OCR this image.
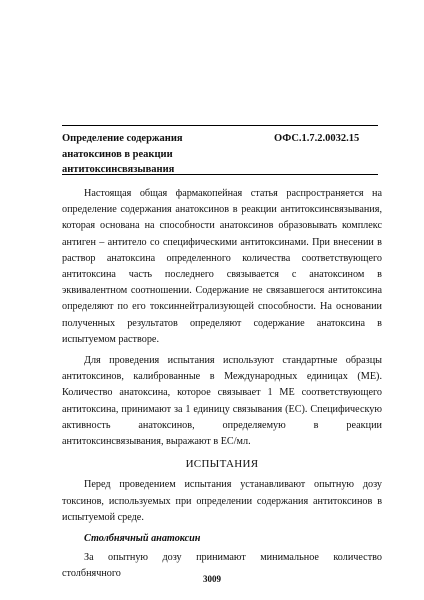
Определение содержания анатоксинов в реакции антитоксинсвязывания
ОФС.1.7.2.0032.15

Настоящая общая фармакопейная статья распространяется на определение содержания анатоксинов в реакции антитоксинсвязывания, которая основана на способности анатоксинов образовывать комплекс антиген – антитело со специфическими антитоксинами. При внесении в раствор анатоксина определенного количества соответствующего антитоксина часть последнего связывается с анатоксином в эквивалентном соотношении. Содержание не связавшегося антитоксина определяют по его токсиннейтрализующей способности. На основании полученных результатов определяют содержание анатоксина в испытуемом растворе.

Для проведения испытания используют стандартные образцы антитоксинов, калиброванные в Международных единицах (МЕ). Количество анатоксина, которое связывает 1 МЕ соответствующего антитоксина, принимают за 1 единицу связывания (ЕС). Специфическую активность анатоксинов, определяемую в реакции антитоксинсвязывания, выражают в ЕС/мл.

ИСПЫТАНИЯ

Перед проведением испытания устанавливают опытную дозу токсинов, используемых при определении содержания антитоксинов в испытуемой среде.

Столбнячный анатоксин

За опытную дозу принимают минимальное количество столбнячного	3009
